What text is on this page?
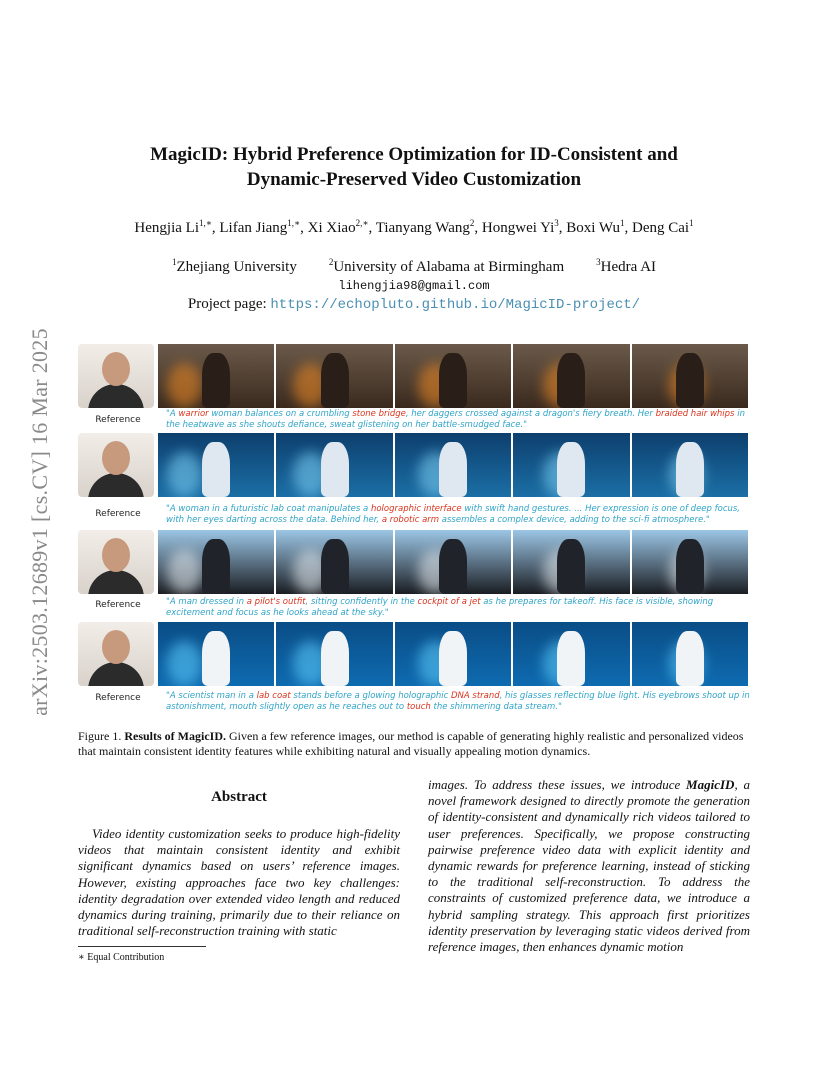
arXiv:2503.12689v1 [cs.CV] 16 Mar 2025
MagicID: Hybrid Preference Optimization for ID-Consistent and
Dynamic-Preserved Video Customization
Hengjia $Li^{1,∗}$, Lifan Jiang$^{1,∗}$, Xi Xiao$^{2,∗}$, Tianyang Wang$^2$, Hongwei Yi$^3$, Boxi Wu$^1$, Deng Cai$^1$
$^1$Zhejiang University	$^2$University of Alabama at Birmingham	$^3$Hedra AI
lihengjia98@gmail.com
Project page: https://echopluto.github.io/MagicID-project/
Reference
"A warrior woman balances on a crumbling stone bridge, her daggers crossed against a dragon's fiery breath. Her braided hair whips in the heatwave as she shouts defiance, sweat glistening on her battle-smudged face."
Reference	"A woman in a futuristic lab coat manipulates a holographic interface with swift hand gestures. ... Her expression is one of deep focus, with her eyes darting across the data. Behind her, a robotic arm assembles a complex device, adding to the sci-fi atmosphere."
Reference	"A man dressed in a pilot's outfit, sitting confidently in the cockpit of a jet as he prepares for takeoff. His face is visible, showing excitement and focus as he looks ahead at the sky."
Reference	"A scientist man in a lab coat stands before a glowing holographic DNA strand, his glasses reflecting blue light. His eyebrows shoot up in astonishment, mouth slightly open as he reaches out to touch the shimmering data stream."
Figure 1. Results of MagicID. Given a few reference images, our method is capable of generating highly realistic and personalized videos that maintain consistent identity features while exhibiting natural and visually appealing motion dynamics.
Abstract
Video identity customization seeks to produce high-fidelity videos that maintain consistent identity and exhibit significant dynamics based on users’ reference images. However, existing approaches face two key challenges: identity degradation over extended video length and reduced dynamics during training, primarily due to their reliance on traditional self-reconstruction training with static
images. To address these issues, we introduce MagicID, a novel framework designed to directly promote the generation of identity-consistent and dynamically rich videos tailored to user preferences. Specifically, we propose constructing pairwise preference video data with explicit identity and dynamic rewards for preference learning, instead of sticking to the traditional self-reconstruction. To address the constraints of customized preference data, we introduce a hybrid sampling strategy. This approach first prioritizes identity preservation by leveraging static videos derived from reference images, then enhances dynamic motion
∗ Equal Contribution
